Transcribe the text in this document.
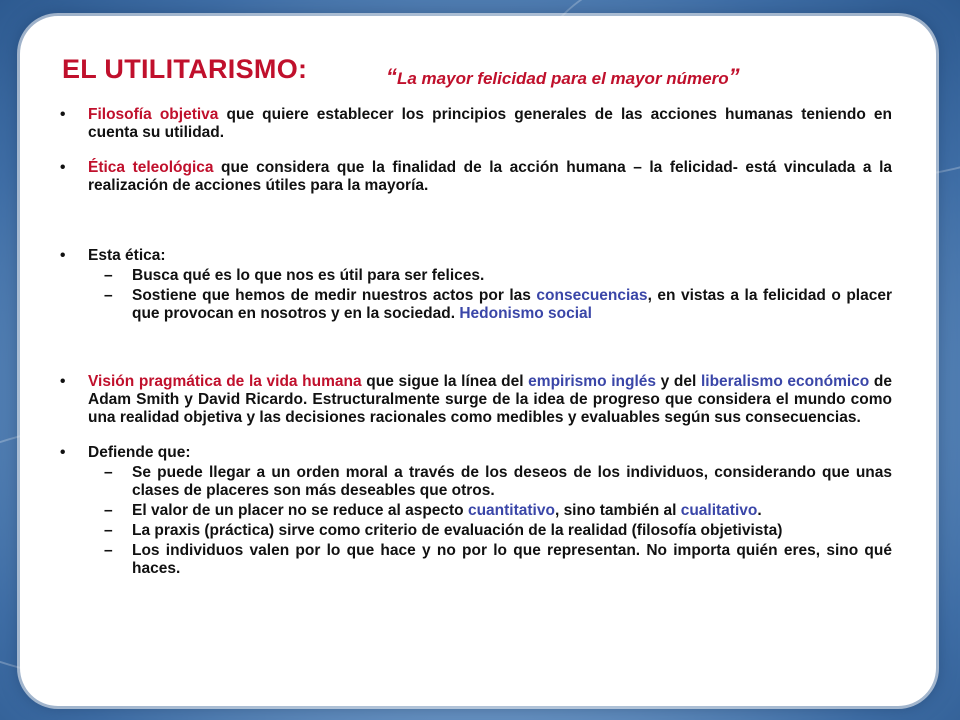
EL UTILITARISMO:	“La mayor felicidad para el mayor número”

• Filosofía objetiva que quiere establecer los principios generales de las acciones humanas teniendo en cuenta su utilidad.

• Ética teleológica que considera que la finalidad de la acción humana – la felicidad- está vinculada a la realización de acciones útiles para la mayoría.

• Esta ética:

– Busca qué es lo que nos es útil para ser felices.

– Sostiene que hemos de medir nuestros actos por las consecuencias, en vistas a la felicidad o placer que provocan en nosotros y en la sociedad. Hedonismo social

• Visión pragmática de la vida humana que sigue la línea del empirismo inglés y del liberalismo económico de Adam Smith y David Ricardo. Estructuralmente surge de la idea de progreso que considera el mundo como una realidad objetiva y las decisiones racionales como medibles y evaluables según sus consecuencias.

• Defiende que:

– Se puede llegar a un orden moral a través de los deseos de los individuos, considerando que unas clases de placeres son más deseables que otros.

– El valor de un placer no se reduce al aspecto cuantitativo, sino también al cualitativo.

– La praxis (práctica) sirve como criterio de evaluación de la realidad (filosofía objetivista)

– Los individuos valen por lo que hace y no por lo que representan. No importa quién eres, sino qué haces.
